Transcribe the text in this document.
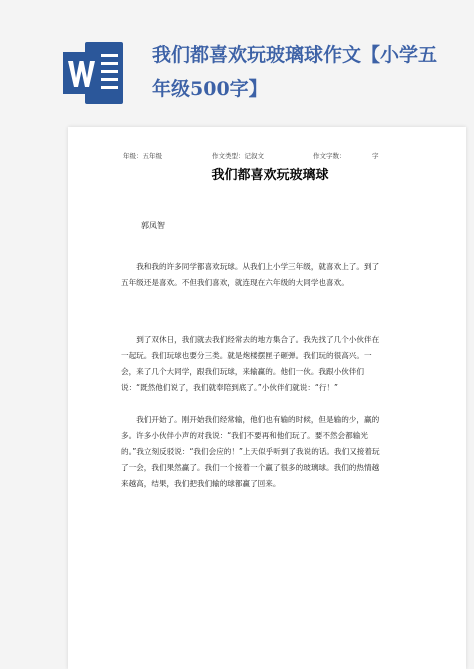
我们都喜欢玩玻璃球作文【小学五年级500字】
年级：五年级	作文类型：记叙文	作文字数：	字
我们都喜欢玩玻璃球
郭凤智

我和我的许多同学都喜欢玩球。从我们上小学三年级，就喜欢上了。到了五年级还是喜欢。不但我们喜欢，就连现在六年级的大同学也喜欢。

到了双休日，我们就去我们经常去的地方集合了。我先找了几个小伙伴在一起玩。我们玩球也要分三类。就是炮楼摆匣子砸弹。我们玩的很高兴。一会，来了几个大同学，跟我们玩球，来输赢的。他们一伙。我跟小伙伴们说：“既然他们说了，我们就奉陪到底了。”小伙伴们就说：“行！”

我们开始了。刚开始我们经常输，他们也有输的时候，但是输的少，赢的多。许多小伙伴小声的对我说：“我们不要再和他们玩了。要不然会都输光的。”我立刻反驳说：“我们会应的！”上天似乎听到了我说的话。我们又接着玩了一会，我们果然赢了。我们一个接着一个赢了很多的玻璃球。我们的热情越来越高，结果，我们把我们输的球都赢了回来。
